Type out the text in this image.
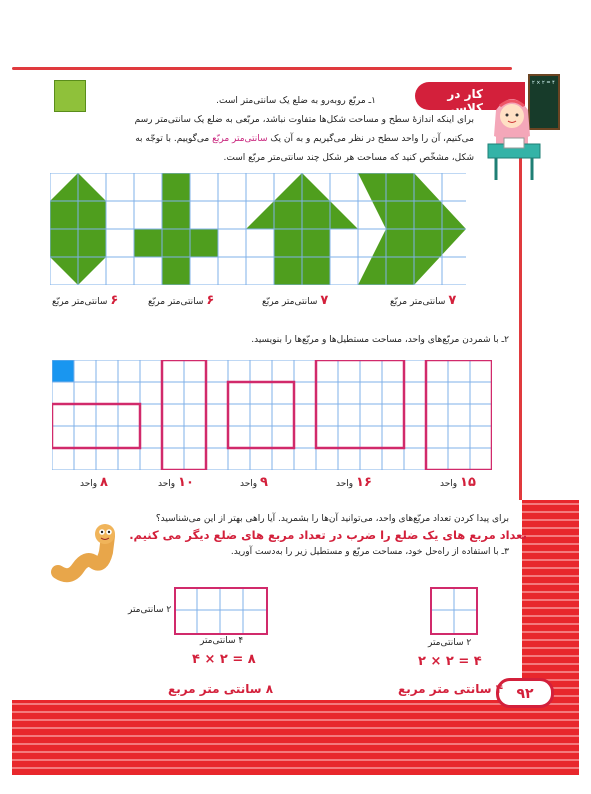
۹۲
کار در کلاس
۲ × ۲ = ۴
۱ـ مربّع روبه‌رو به ضلع یک سانتی‌متر است.
برای اینکه اندازهٔ سطح و مساحت شکل‌ها متفاوت نباشد، مربّعی به ضلع یک سانتی‌متر رسم
می‌کنیم، آن را واحد سطح در نظر می‌گیریم و به آن یک سانتی‌متر مربّع می‌گوییم. با توجّه به
شکل، مشخّص کنید که مساحت هر شکل چند سانتی‌متر مربّع است.
۷ سانتی‌متر مربّع
۷ سانتی‌متر مربّع
۶ سانتی‌متر مربّع
۶ سانتی‌متر مربّع
۲ـ با شمردن مربّع‌های واحد، مساحت مستطیل‌ها و مربّع‌ها را بنویسید.
۱۵ واحد
۱۶ واحد
۹ واحد
۱۰ واحد
۸ واحد
برای پیدا کردن تعداد مربّع‌های واحد، می‌توانید آن‌ها را بشمرید. آیا راهی بهتر از این می‌شناسید؟
تعداد مربع های یک ضلع را ضرب در تعداد مربع های ضلع دیگر می کنیم.
۳ـ با استفاده از راه‌حل خود، مساحت مربّع و مستطیل زیر را به‌دست آورید.
۲ سانتی‌متر
۴ سانتی‌متر
۸ = ۲ × ۴
۸ سانتی متر مربع
۲ سانتی‌متر
۴ = ۲ × ۲
۴ سانتی متر مربع
